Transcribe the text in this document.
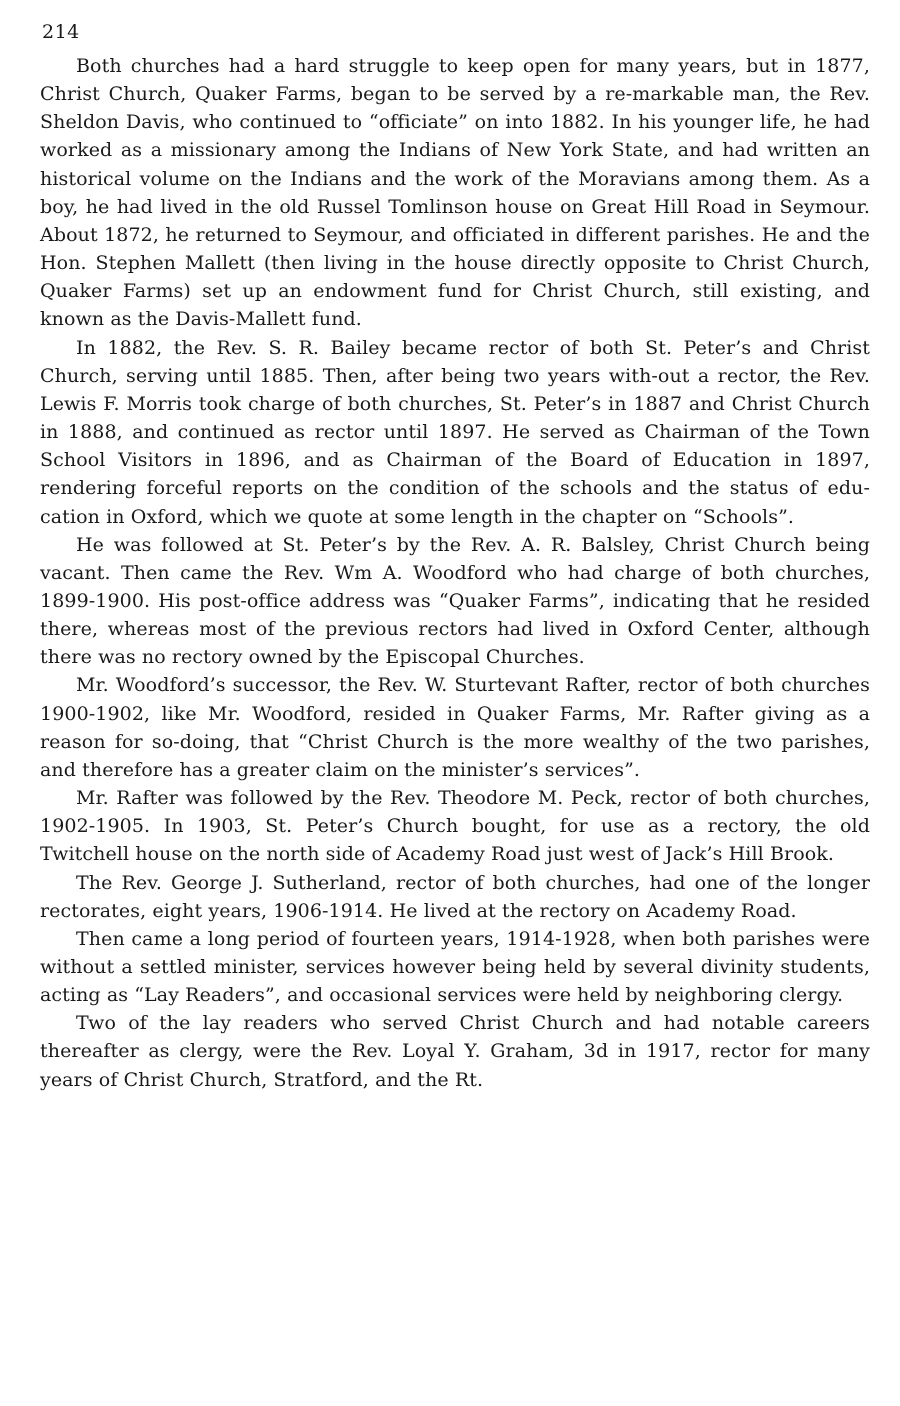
214

Both churches had a hard struggle to keep open for many years, but in 1877, Christ Church, Quaker Farms, began to be served by a re-markable man, the Rev. Sheldon Davis, who continued to “officiate” on into 1882. In his younger life, he had worked as a missionary among the Indians of New York State, and had written an historical volume on the Indians and the work of the Moravians among them. As a boy, he had lived in the old Russel Tomlinson house on Great Hill Road in Seymour. About 1872, he returned to Seymour, and officiated in different parishes. He and the Hon. Stephen Mallett (then living in the house directly opposite to Christ Church, Quaker Farms) set up an endowment fund for Christ Church, still existing, and known as the Davis-Mallett fund.

In 1882, the Rev. S. R. Bailey became rector of both St. Peter’s and Christ Church, serving until 1885. Then, after being two years with-out a rector, the Rev. Lewis F. Morris took charge of both churches, St. Peter’s in 1887 and Christ Church in 1888, and continued as rector until 1897. He served as Chairman of the Town School Visitors in 1896, and as Chairman of the Board of Education in 1897, rendering forceful reports on the condition of the schools and the status of edu-cation in Oxford, which we quote at some length in the chapter on “Schools”.

He was followed at St. Peter’s by the Rev. A. R. Balsley, Christ Church being vacant. Then came the Rev. Wm A. Woodford who had charge of both churches, 1899-1900. His post-office address was “Quaker Farms”, indicating that he resided there, whereas most of the previous rectors had lived in Oxford Center, although there was no rectory owned by the Episcopal Churches.

Mr. Woodford’s successor, the Rev. W. Sturtevant Rafter, rector of both churches 1900-1902, like Mr. Woodford, resided in Quaker Farms, Mr. Rafter giving as a reason for so-doing, that “Christ Church is the more wealthy of the two parishes, and therefore has a greater claim on the minister’s services”.

Mr. Rafter was followed by the Rev. Theodore M. Peck, rector of both churches, 1902-1905. In 1903, St. Peter’s Church bought, for use as a rectory, the old Twitchell house on the north side of Academy Road just west of Jack’s Hill Brook.

The Rev. George J. Sutherland, rector of both churches, had one of the longer rectorates, eight years, 1906-1914. He lived at the rectory on Academy Road.

Then came a long period of fourteen years, 1914-1928, when both parishes were without a settled minister, services however being held by several divinity students, acting as “Lay Readers”, and occasional services were held by neighboring clergy.

Two of the lay readers who served Christ Church and had notable careers thereafter as clergy, were the Rev. Loyal Y. Graham, 3d in 1917, rector for many years of Christ Church, Stratford, and the Rt.
